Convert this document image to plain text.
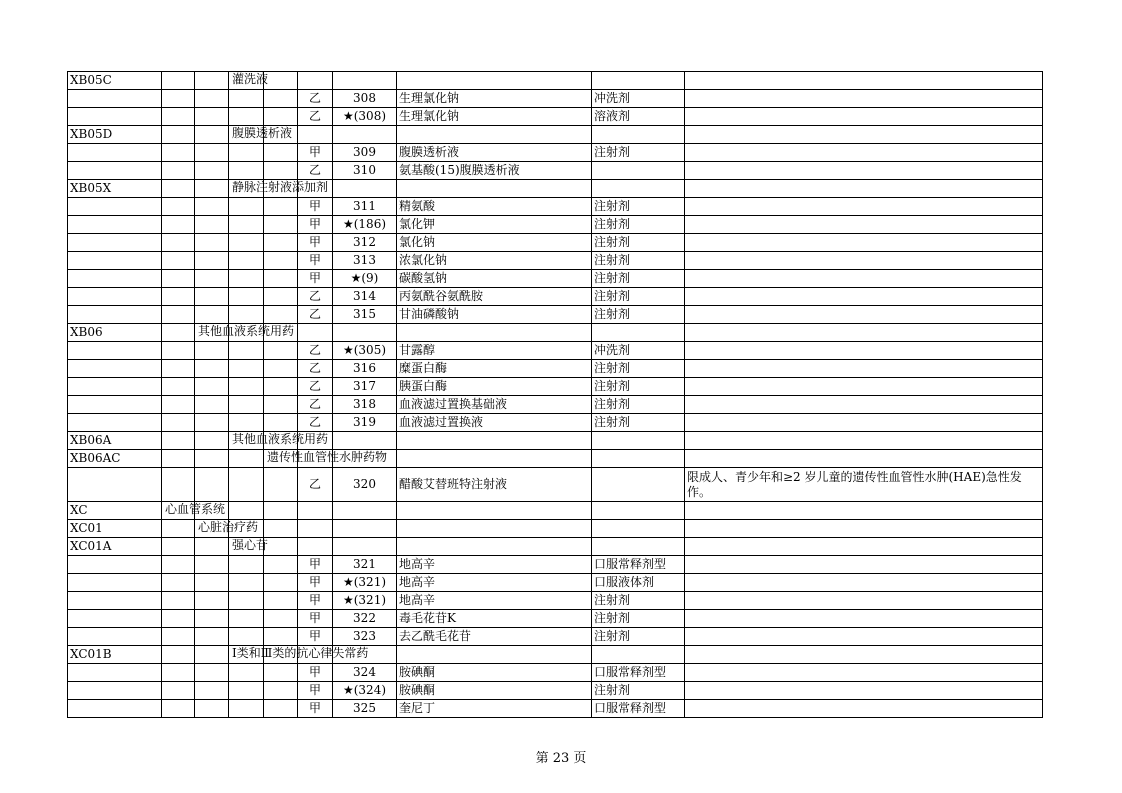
XB05C			灌洗液						

					乙	308	生理氯化钠	冲洗剂	
					乙	★(308)	生理氯化钠	溶液剂	
XB05D			腹膜透析液						

					甲	309	腹膜透析液	注射剂	
					乙	310	氨基酸(15)腹膜透析液		
XB05X			静脉注射液添加剂						

					甲	311	精氨酸	注射剂	
					甲	★(186)	氯化钾	注射剂	
					甲	312	氯化钠	注射剂	
					甲	313	浓氯化钠	注射剂	
					甲	★(9)	碳酸氢钠	注射剂	
					乙	314	丙氨酰谷氨酰胺	注射剂	
					乙	315	甘油磷酸钠	注射剂	
XB06		其他血液系统用药							

					乙	★(305)	甘露醇	冲洗剂	
					乙	316	糜蛋白酶	注射剂	
					乙	317	胰蛋白酶	注射剂	
					乙	318	血液滤过置换基础液	注射剂	
					乙	319	血液滤过置换液	注射剂	
XB06A			其他血液系统用药						

XB06AC				遗传性血管性水肿药物					

					乙	320	醋酸艾替班特注射液		限成人、青少年和≥2 岁儿童的遗传性血管性水肿(HAE)急性发作。
XC	心血管系统								

XC01		心脏治疗药							

XC01A			强心苷						

					甲	321	地高辛	口服常释剂型	
					甲	★(321)	地高辛	口服液体剂	
					甲	★(321)	地高辛	注射剂	
					甲	322	毒毛花苷K	注射剂	
					甲	323	去乙酰毛花苷	注射剂	
XC01B			Ⅰ类和Ⅲ类的抗心律失常药						

					甲	324	胺碘酮	口服常释剂型	
					甲	★(324)	胺碘酮	注射剂	
					甲	325	奎尼丁	口服常释剂型	
第 23 页
